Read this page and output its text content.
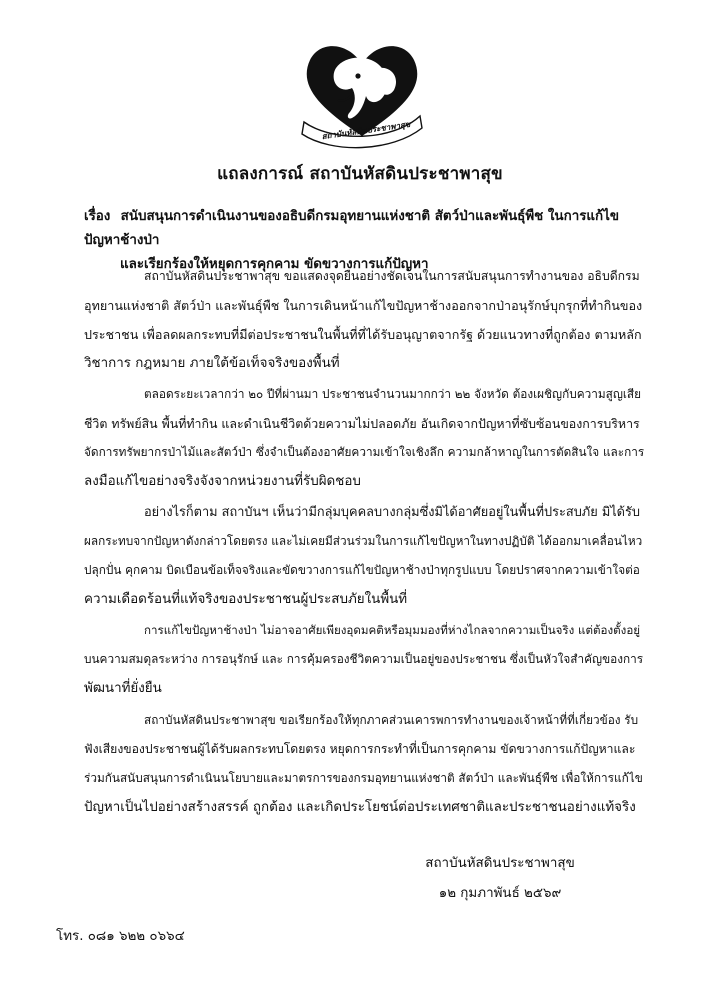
สถาบันหัสดินประชาพาสุข
แถลงการณ์ สถาบันหัสดินประชาพาสุข
เรื่อง สนับสนุนการดำเนินงานของอธิบดีกรมอุทยานแห่งชาติ สัตว์ป่าและพันธุ์พืช ในการแก้ไขปัญหาช้างป่า
และเรียกร้องให้หยุดการคุกคาม ขัดขวางการแก้ปัญหา
สถาบันหัสดินประชาพาสุข ขอแสดงจุดยืนอย่างชัดเจนในการสนับสนุนการทำงานของ อธิบดีกรม
อุทยานแห่งชาติ สัตว์ป่า และพันธุ์พืช ในการเดินหน้าแก้ไขปัญหาช้างออกจากป่าอนุรักษ์บุกรุกที่ทำกินของ
ประชาชน เพื่อลดผลกระทบที่มีต่อประชาชนในพื้นที่ที่ได้รับอนุญาตจากรัฐ ด้วยแนวทางที่ถูกต้อง ตามหลัก
วิชาการ กฎหมาย ภายใต้ข้อเท็จจริงของพื้นที่
ตลอดระยะเวลากว่า ๒๐ ปีที่ผ่านมา ประชาชนจำนวนมากกว่า ๒๒ จังหวัด ต้องเผชิญกับความสูญเสีย
ชีวิต ทรัพย์สิน พื้นที่ทำกิน และดำเนินชีวิตด้วยความไม่ปลอดภัย อันเกิดจากปัญหาที่ซับซ้อนของการบริหาร
จัดการทรัพยากรป่าไม้และสัตว์ป่า ซึ่งจำเป็นต้องอาศัยความเข้าใจเชิงลึก ความกล้าหาญในการตัดสินใจ และการ
ลงมือแก้ไขอย่างจริงจังจากหน่วยงานที่รับผิดชอบ
อย่างไรก็ตาม สถาบันฯ เห็นว่ามีกลุ่มบุคคลบางกลุ่มซึ่งมิได้อาศัยอยู่ในพื้นที่ประสบภัย มิได้รับ
ผลกระทบจากปัญหาดังกล่าวโดยตรง และไม่เคยมีส่วนร่วมในการแก้ไขปัญหาในทางปฏิบัติ ได้ออกมาเคลื่อนไหว
ปลุกปั่น คุกคาม บิดเบือนข้อเท็จจริงและขัดขวางการแก้ไขปัญหาช้างป่าทุกรูปแบบ โดยปราศจากความเข้าใจต่อ
ความเดือดร้อนที่แท้จริงของประชาชนผู้ประสบภัยในพื้นที่
การแก้ไขปัญหาช้างป่า ไม่อาจอาศัยเพียงอุดมคติหรือมุมมองที่ห่างไกลจากความเป็นจริง แต่ต้องตั้งอยู่
บนความสมดุลระหว่าง การอนุรักษ์ และ การคุ้มครองชีวิตความเป็นอยู่ของประชาชน ซึ่งเป็นหัวใจสำคัญของการ
พัฒนาที่ยั่งยืน
สถาบันหัสดินประชาพาสุข ขอเรียกร้องให้ทุกภาคส่วนเคารพการทำงานของเจ้าหน้าที่ที่เกี่ยวข้อง รับ
ฟังเสียงของประชาชนผู้ได้รับผลกระทบโดยตรง หยุดการกระทำที่เป็นการคุกคาม ขัดขวางการแก้ปัญหาและ
ร่วมกันสนับสนุนการดำเนินนโยบายและมาตรการของกรมอุทยานแห่งชาติ สัตว์ป่า และพันธุ์พืช เพื่อให้การแก้ไข
ปัญหาเป็นไปอย่างสร้างสรรค์ ถูกต้อง และเกิดประโยชน์ต่อประเทศชาติและประชาชนอย่างแท้จริง
สถาบันหัสดินประชาพาสุข
๑๒ กุมภาพันธ์ ๒๕๖๙
โทร. ๐๘๑ ๖๒๒ ๐๖๖๔
